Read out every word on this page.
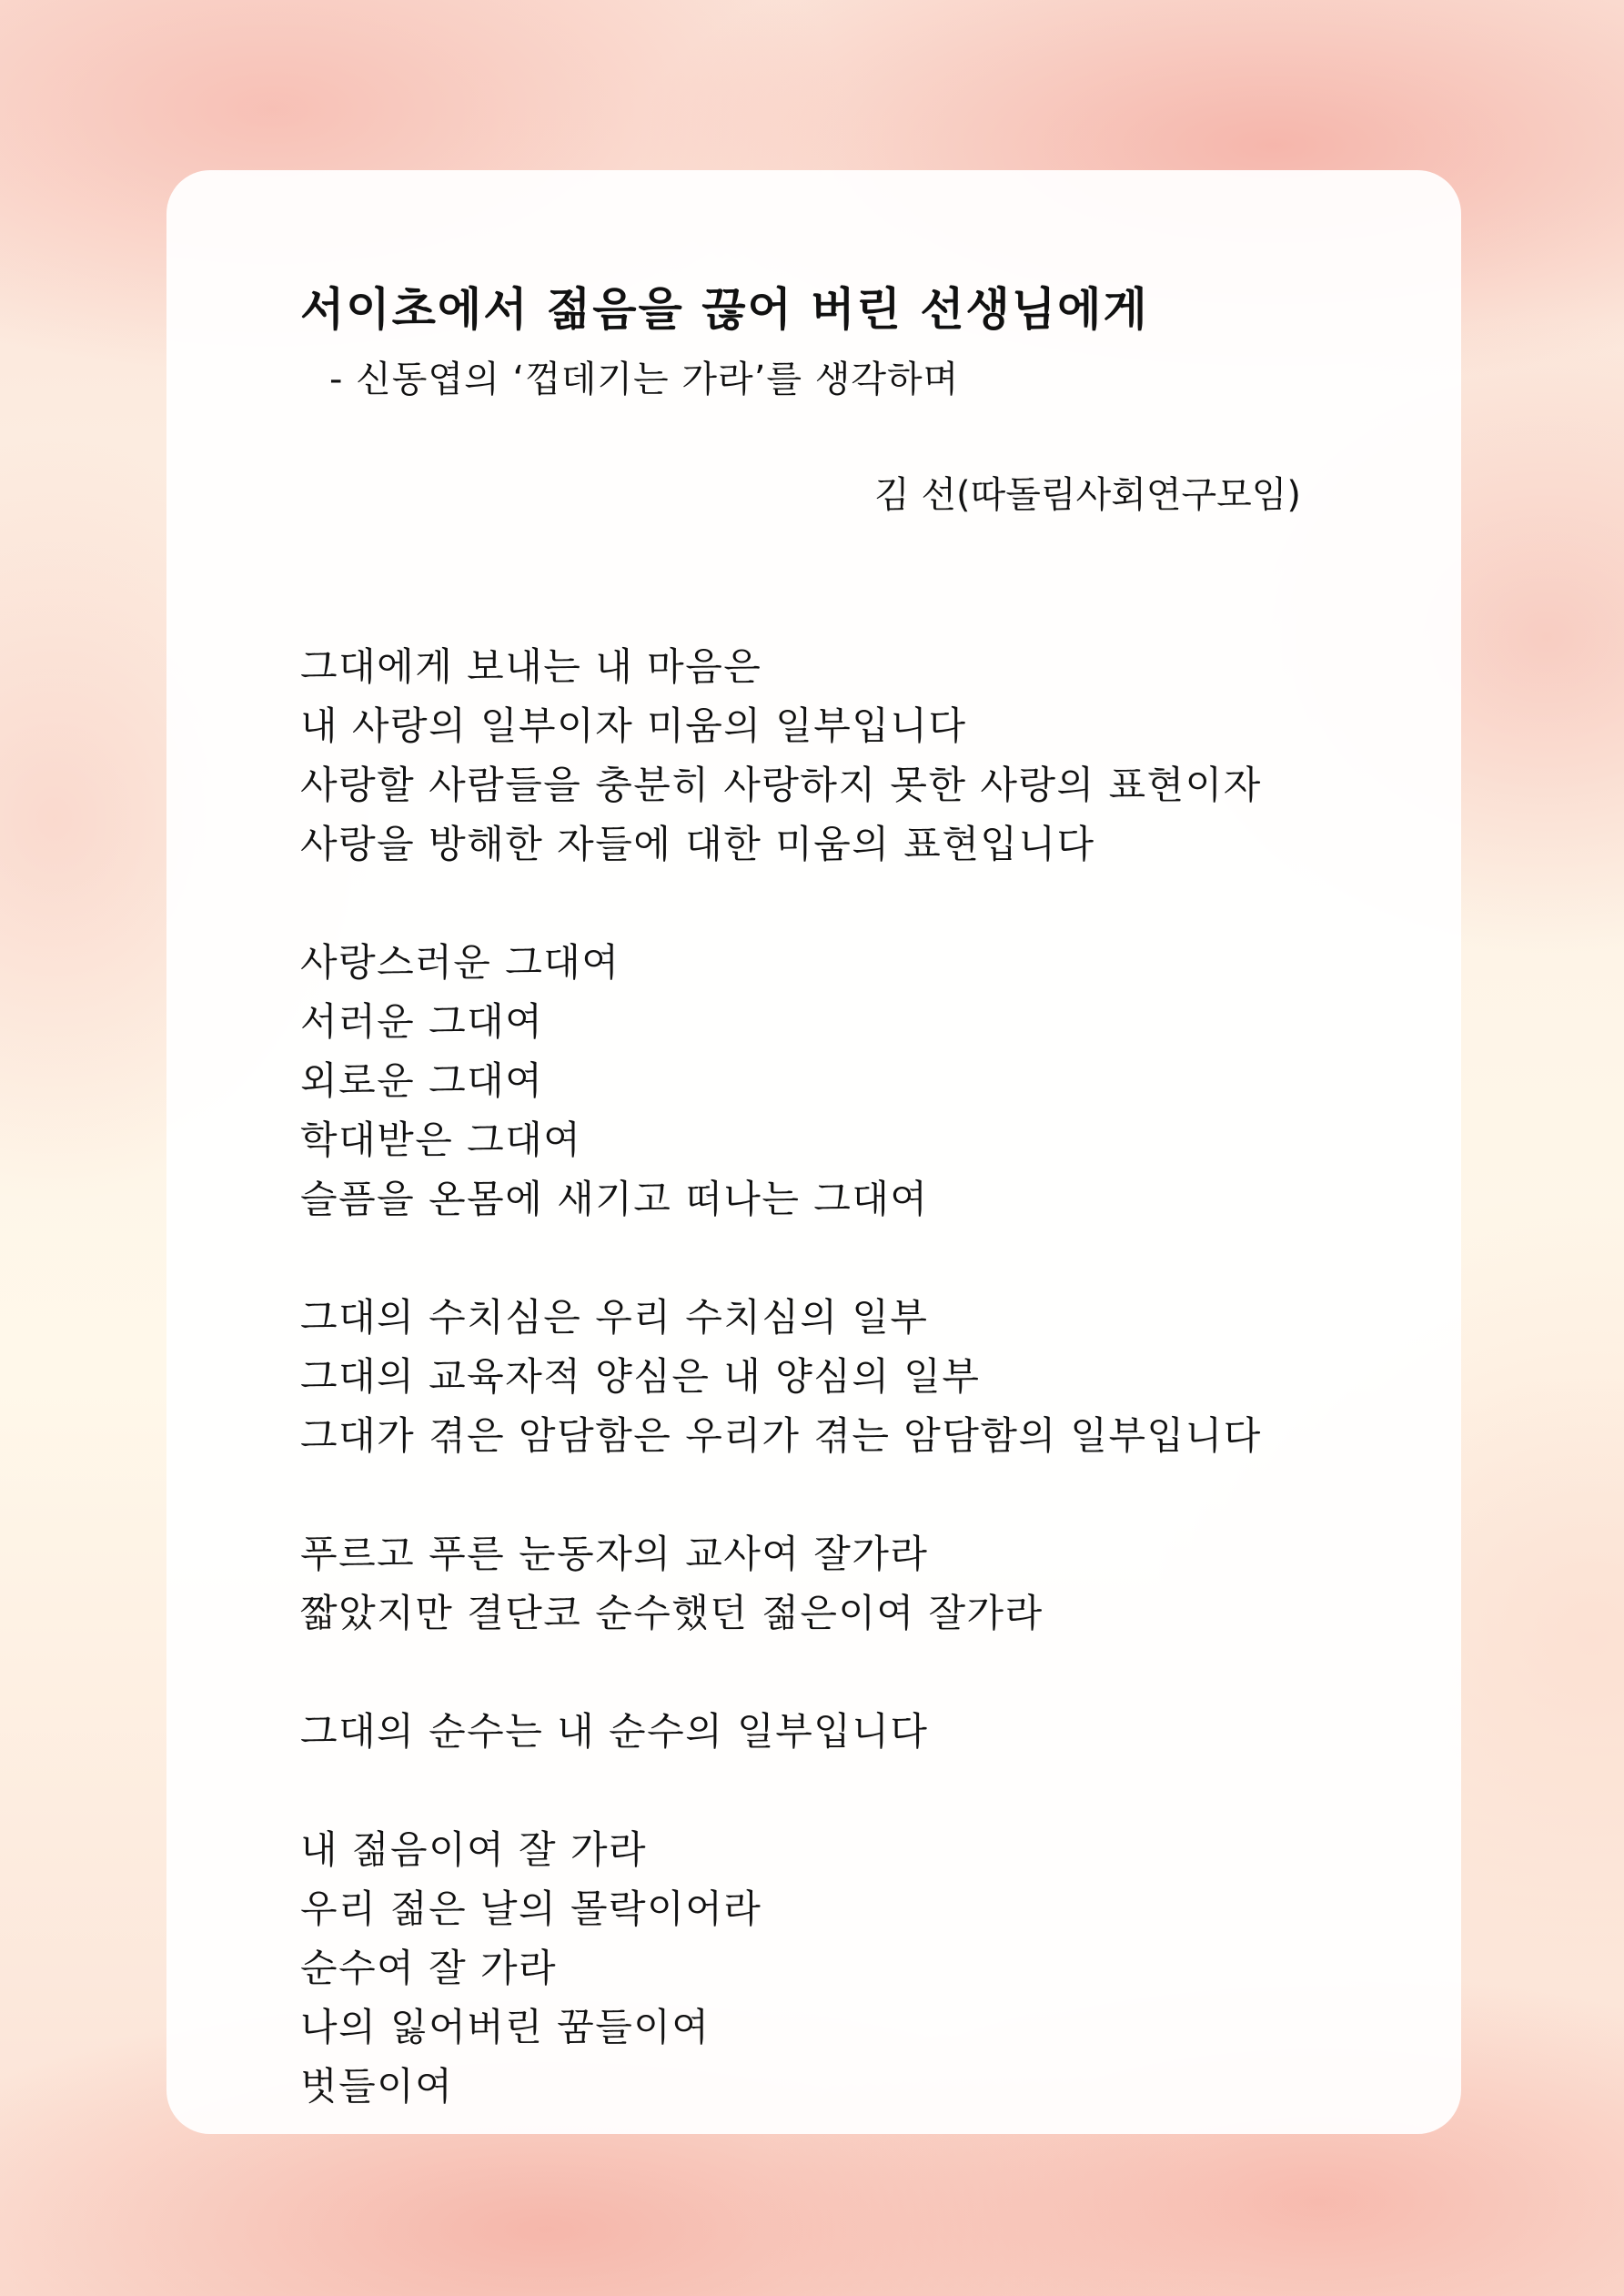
서이초에서 젊음을 끊어 버린 선생님에게

- 신동엽의 ‘껍데기는 가라’를 생각하며

김 선(따돌림사회연구모임)

그대에게 보내는 내 마음은
내 사랑의 일부이자 미움의 일부입니다
사랑할 사람들을 충분히 사랑하지 못한 사랑의 표현이자
사랑을 방해한 자들에 대한 미움의 표현입니다
사랑스러운 그대여
서러운 그대여
외로운 그대여
학대받은 그대여
슬픔을 온몸에 새기고 떠나는 그대여
그대의 수치심은 우리 수치심의 일부
그대의 교육자적 양심은 내 양심의 일부
그대가 겪은 암담함은 우리가 겪는 암담함의 일부입니다
푸르고 푸른 눈동자의 교사여 잘가라
짧았지만 결단코 순수했던 젊은이여 잘가라
그대의 순수는 내 순수의 일부입니다
내 젊음이여 잘 가라
우리 젊은 날의 몰락이어라
순수여 잘 가라
나의 잃어버린 꿈들이여
벗들이여
